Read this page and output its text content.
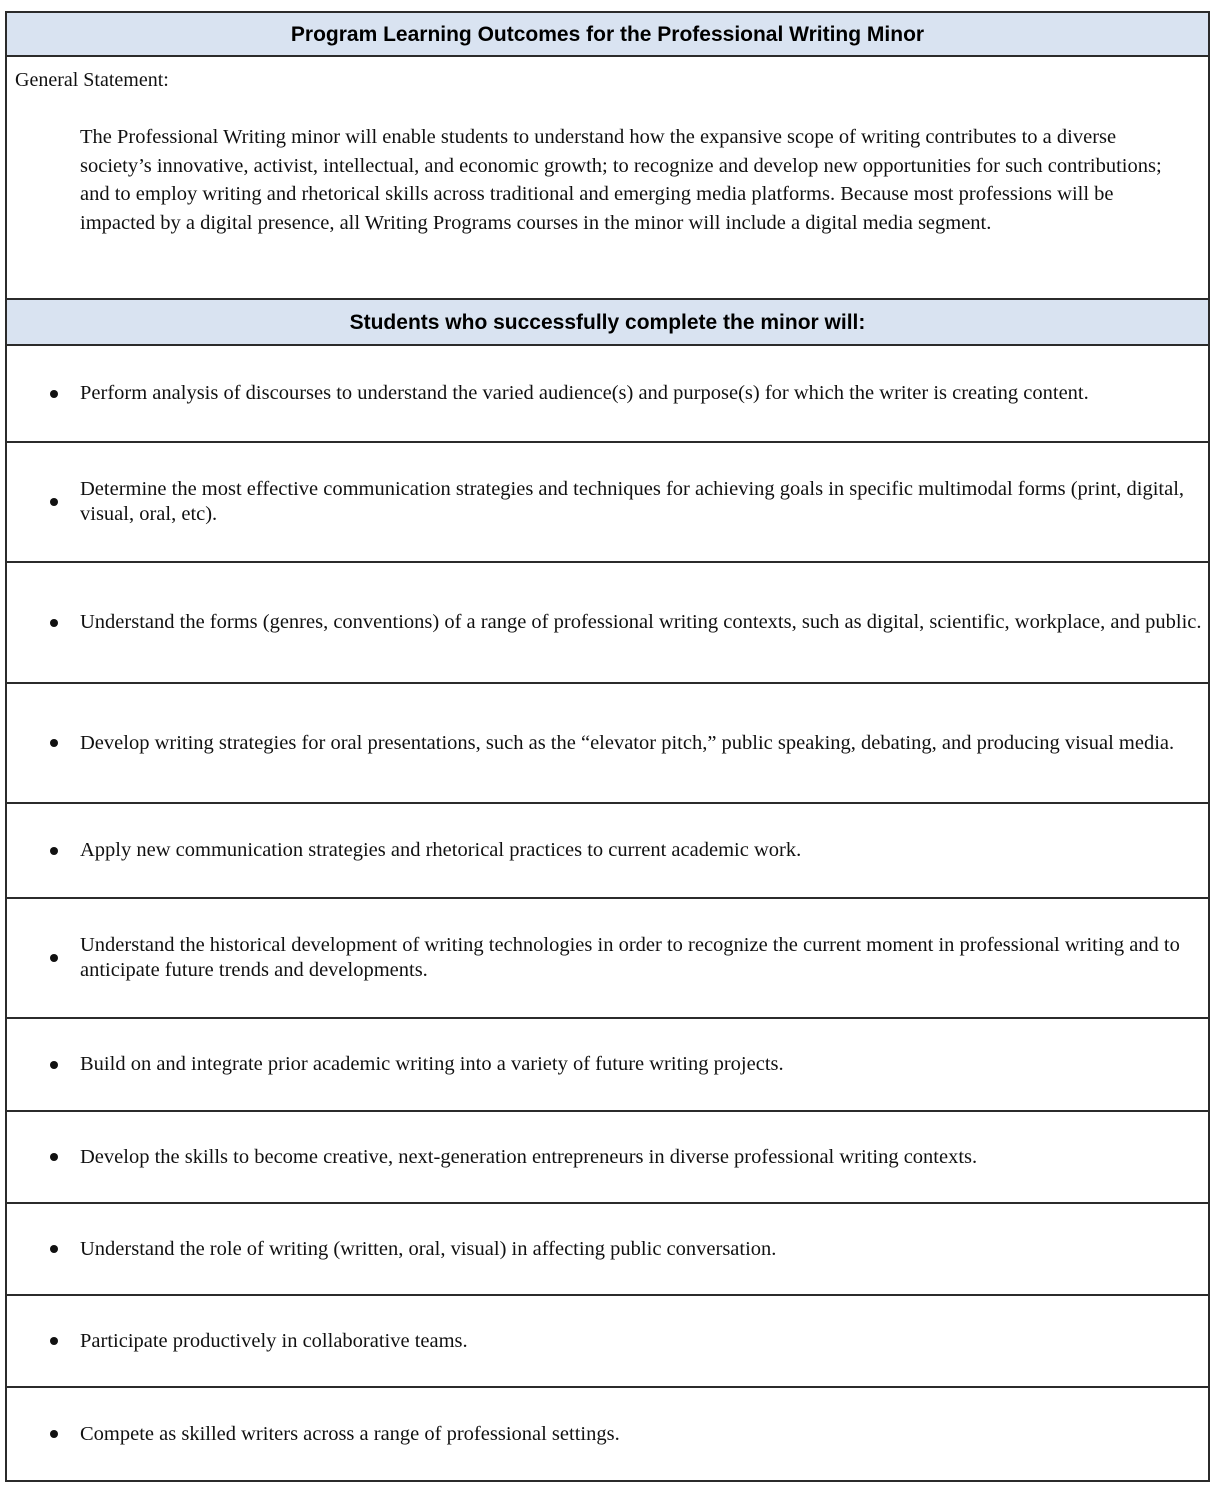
Program Learning Outcomes for the Professional Writing Minor
General Statement:
The Professional Writing minor will enable students to understand how the expansive scope of writing contributes to a diverse society’s innovative, activist, intellectual, and economic growth; to recognize and develop new opportunities for such contributions; and to employ writing and rhetorical skills across traditional and emerging media platforms. Because most professions will be impacted by a digital presence, all Writing Programs courses in the minor will include a digital media segment.
Students who successfully complete the minor will:
Perform analysis of discourses to understand the varied audience(s) and purpose(s) for which the writer is creating content.
Determine the most effective communication strategies and techniques for achieving goals in specific multimodal forms (print, digital, visual, oral, etc).
Understand the forms (genres, conventions) of a range of professional writing contexts, such as digital, scientific, workplace, and public.
Develop writing strategies for oral presentations, such as the “elevator pitch,” public speaking, debating, and producing visual media.
Apply new communication strategies and rhetorical practices to current academic work.
Understand the historical development of writing technologies in order to recognize the current moment in professional writing and to anticipate future trends and developments.
Build on and integrate prior academic writing into a variety of future writing projects.
Develop the skills to become creative, next-generation entrepreneurs in diverse professional writing contexts.
Understand the role of writing (written, oral, visual) in affecting public conversation.
Participate productively in collaborative teams.
Compete as skilled writers across a range of professional settings.
